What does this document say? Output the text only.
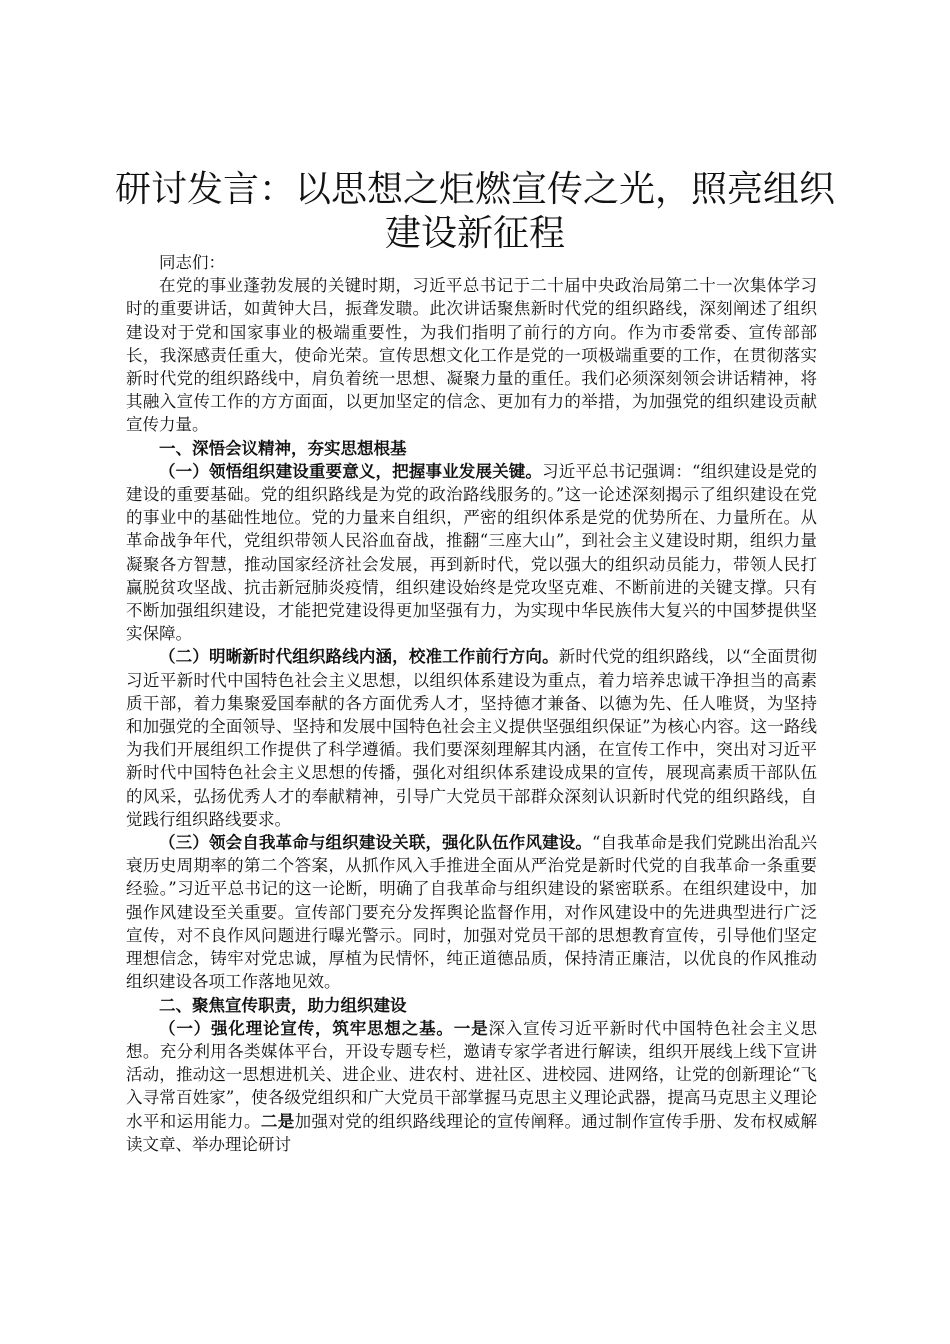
研讨发言：以思想之炬燃宣传之光，照亮组织
建设新征程

同志们：

在党的事业蓬勃发展的关键时期，习近平总书记于二十届中央政治局第二十一次集体学习时的重要讲话，如黄钟大吕，振聋发聩。此次讲话聚焦新时代党的组织路线，深刻阐述了组织建设对于党和国家事业的极端重要性，为我们指明了前行的方向。作为市委常委、宣传部部长，我深感责任重大，使命光荣。宣传思想文化工作是党的一项极端重要的工作，在贯彻落实新时代党的组织路线中，肩负着统一思想、凝聚力量的重任。我们必须深刻领会讲话精神，将其融入宣传工作的方方面面，以更加坚定的信念、更加有力的举措，为加强党的组织建设贡献宣传力量。

一、深悟会议精神，夯实思想根基

（一）领悟组织建设重要意义，把握事业发展关键。习近平总书记强调：“组织建设是党的建设的重要基础。党的组织路线是为党的政治路线服务的。”这一论述深刻揭示了组织建设在党的事业中的基础性地位。党的力量来自组织，严密的组织体系是党的优势所在、力量所在。从革命战争年代，党组织带领人民浴血奋战，推翻“三座大山”，到社会主义建设时期，组织力量凝聚各方智慧，推动国家经济社会发展，再到新时代，党以强大的组织动员能力，带领人民打赢脱贫攻坚战、抗击新冠肺炎疫情，组织建设始终是党攻坚克难、不断前进的关键支撑。只有不断加强组织建设，才能把党建设得更加坚强有力，为实现中华民族伟大复兴的中国梦提供坚实保障。

（二）明晰新时代组织路线内涵，校准工作前行方向。新时代党的组织路线，以“全面贯彻习近平新时代中国特色社会主义思想，以组织体系建设为重点，着力培养忠诚干净担当的高素质干部，着力集聚爱国奉献的各方面优秀人才，坚持德才兼备、以德为先、任人唯贤，为坚持和加强党的全面领导、坚持和发展中国特色社会主义提供坚强组织保证”为核心内容。这一路线为我们开展组织工作提供了科学遵循。我们要深刻理解其内涵，在宣传工作中，突出对习近平新时代中国特色社会主义思想的传播，强化对组织体系建设成果的宣传，展现高素质干部队伍的风采，弘扬优秀人才的奉献精神，引导广大党员干部群众深刻认识新时代党的组织路线，自觉践行组织路线要求。

（三）领会自我革命与组织建设关联，强化队伍作风建设。“自我革命是我们党跳出治乱兴衰历史周期率的第二个答案，从抓作风入手推进全面从严治党是新时代党的自我革命一条重要经验。”习近平总书记的这一论断，明确了自我革命与组织建设的紧密联系。在组织建设中，加强作风建设至关重要。宣传部门要充分发挥舆论监督作用，对作风建设中的先进典型进行广泛宣传，对不良作风问题进行曝光警示。同时，加强对党员干部的思想教育宣传，引导他们坚定理想信念，铸牢对党忠诚，厚植为民情怀，纯正道德品质，保持清正廉洁，以优良的作风推动组织建设各项工作落地见效。

二、聚焦宣传职责，助力组织建设

（一）强化理论宣传，筑牢思想之基。一是深入宣传习近平新时代中国特色社会主义思想。充分利用各类媒体平台，开设专题专栏，邀请专家学者进行解读，组织开展线上线下宣讲活动，推动这一思想进机关、进企业、进农村、进社区、进校园、进网络，让党的创新理论“飞入寻常百姓家”，使各级党组织和广大党员干部掌握马克思主义理论武器，提高马克思主义理论水平和运用能力。二是加强对党的组织路线理论的宣传阐释。通过制作宣传手册、发布权威解读文章、举办理论研讨
